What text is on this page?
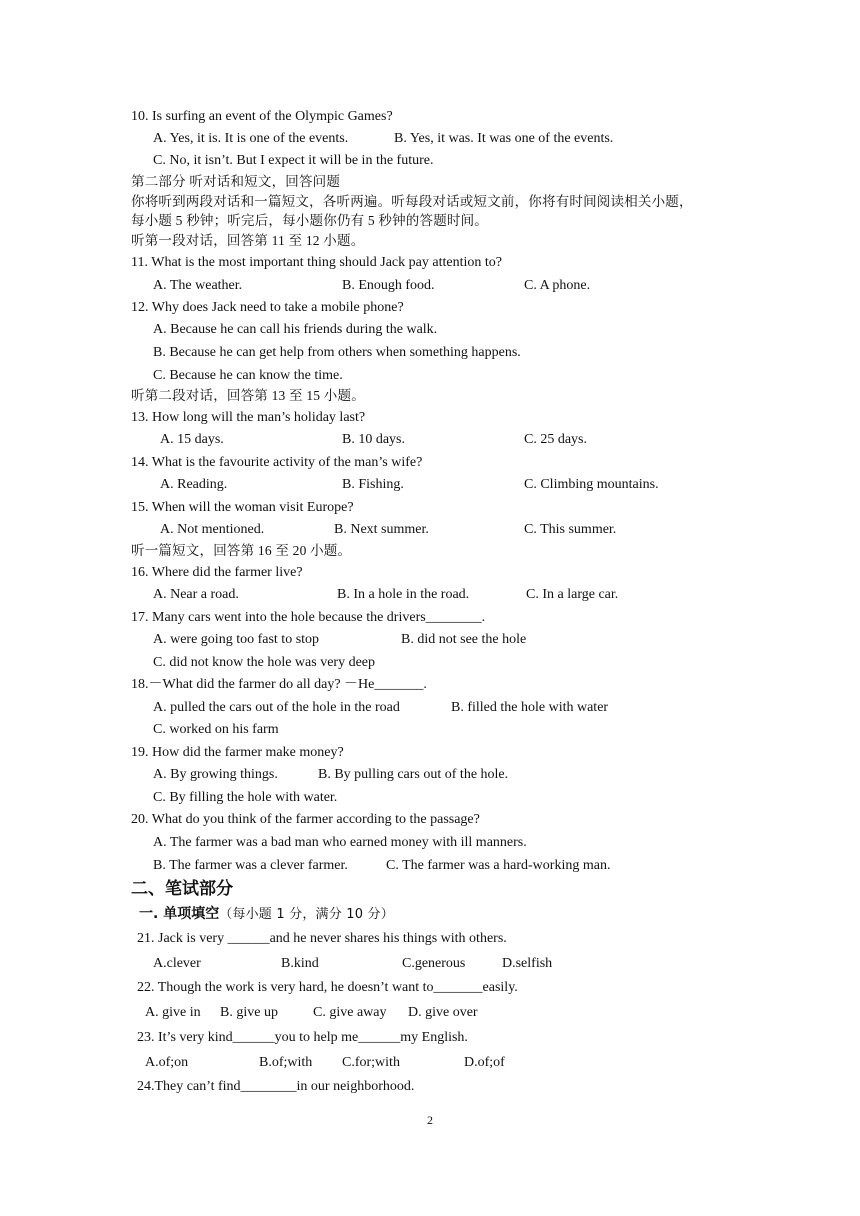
10. Is surfing an event of the Olympic Games?
A. Yes, it is. It is one of the events.	B. Yes, it was. It was one of the events.
C. No, it isn’t. But I expect it will be in the future.
第二部分 听对话和短文，回答问题
你将听到两段对话和一篇短文，各听两遍。听每段对话或短文前，你将有时间阅读相关小题，
每小题 5 秒钟；听完后，每小题你仍有 5 秒钟的答题时间。
听第一段对话，回答第 11 至 12 小题。
11. What is the most important thing should Jack pay attention to?
A. The weather.	B. Enough food.	C. A phone.
12. Why does Jack need to take a mobile phone?
A. Because he can call his friends during the walk.
B. Because he can get help from others when something happens.
C. Because he can know the time.
听第二段对话，回答第 13 至 15 小题。
13. How long will the man’s holiday last?
A. 15 days.	B. 10 days.	C. 25 days.
14. What is the favourite activity of the man’s wife?
A. Reading.	B. Fishing.	C. Climbing mountains.
15. When will the woman visit Europe?
A. Not mentioned.	B. Next summer.	C. This summer.
听一篇短文，回答第 16 至 20 小题。
16. Where did the farmer live?
A. Near a road.	B. In a hole in the road.	C. In a large car.
17. Many cars went into the hole because the drivers________.
A. were going too fast to stop	B. did not see the hole
C. did not know the hole was very deep
18.－What did the farmer do all day? －He_______.
A. pulled the cars out of the hole in the road	B. filled the hole with water
C. worked on his farm
19. How did the farmer make money?
A. By growing things.	B. By pulling cars out of the hole.
C. By filling the hole with water.
20. What do you think of the farmer according to the passage?
A. The farmer was a bad man who earned money with ill manners.
B. The farmer was a clever farmer.	C. The farmer was a hard-working man.
二、笔试部分
一. 单项填空（每小题 1 分，满分 10 分）
21. Jack is very ______and he never shares his things with others.
A.clever	B.kind	C.generous	D.selfish
22. Though the work is very hard, he doesn’t want to_______easily.
A. give in B. give up	C. give away D. give over
23. It’s very kind______you to help me______my English.
A.of;on	B.of;with C.for;with	D.of;of
24.They can’t find________in our neighborhood.
2
